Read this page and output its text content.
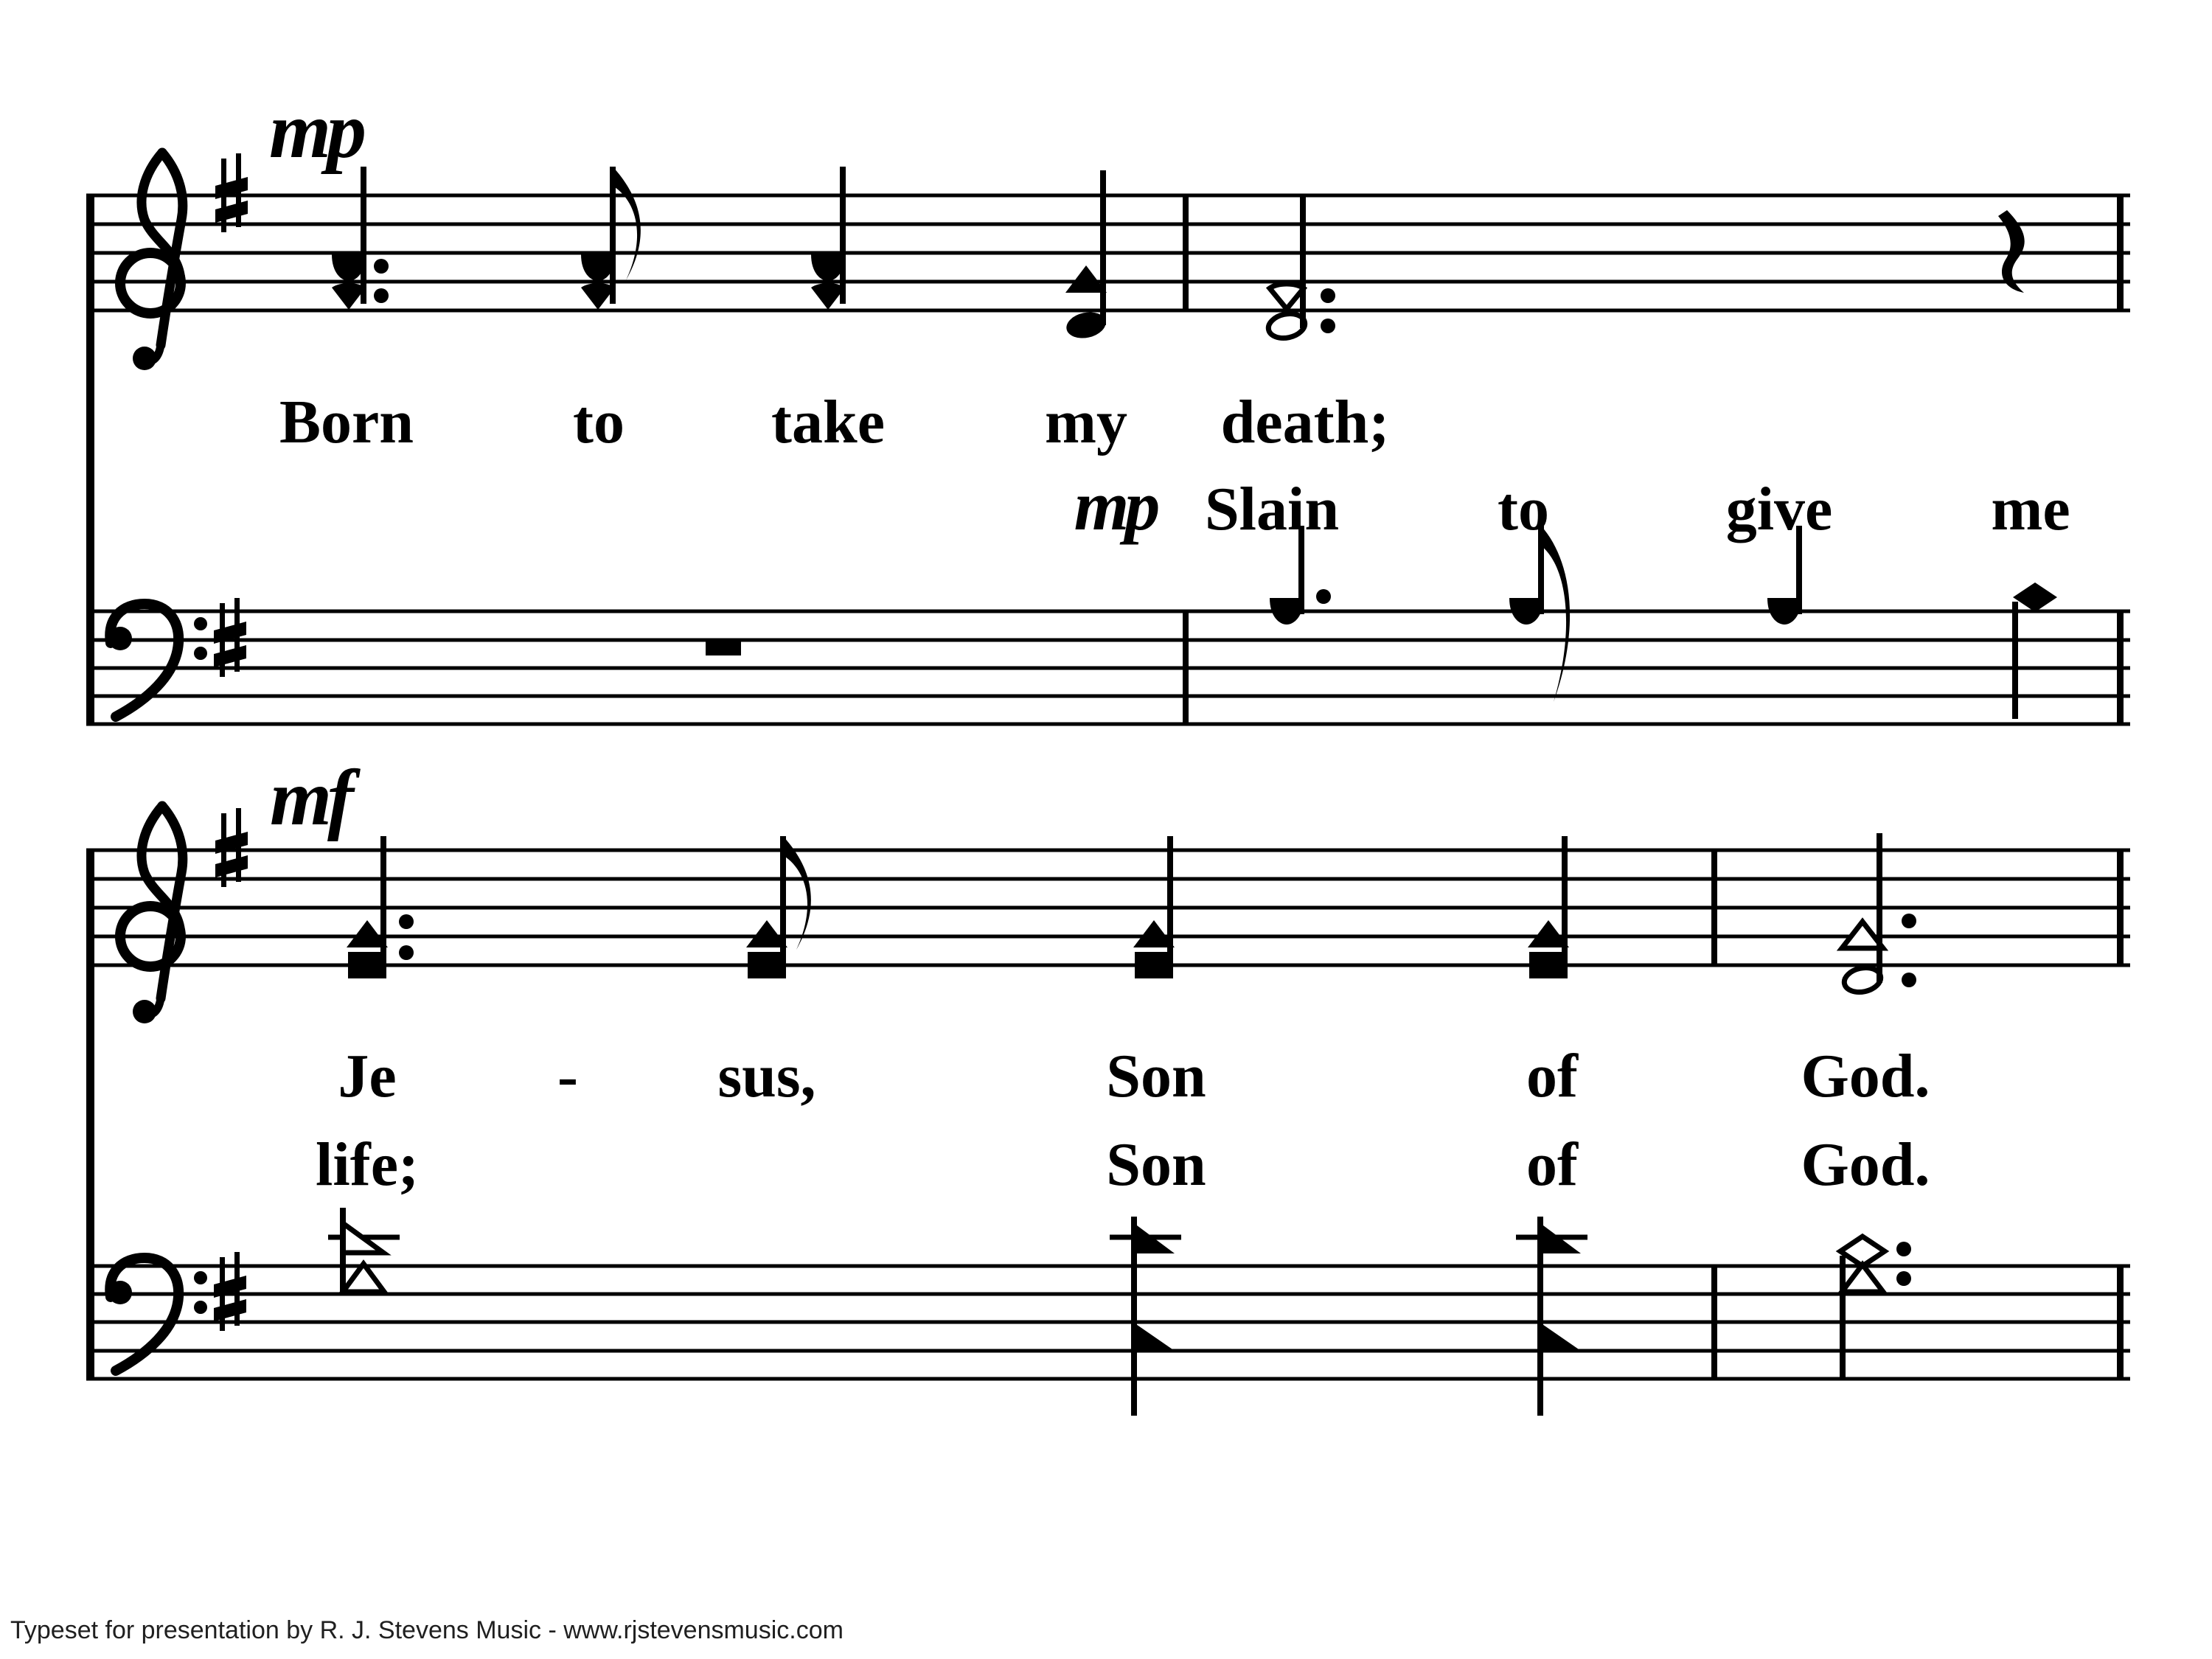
mp
Born	to take	my death;
mp Slain	to	give	me
mf
Je	- sus,	Son	of	God.
life;	Son	of	God.
Typeset for presentation by R. J. Stevens Music - www.rjstevensmusic.com
